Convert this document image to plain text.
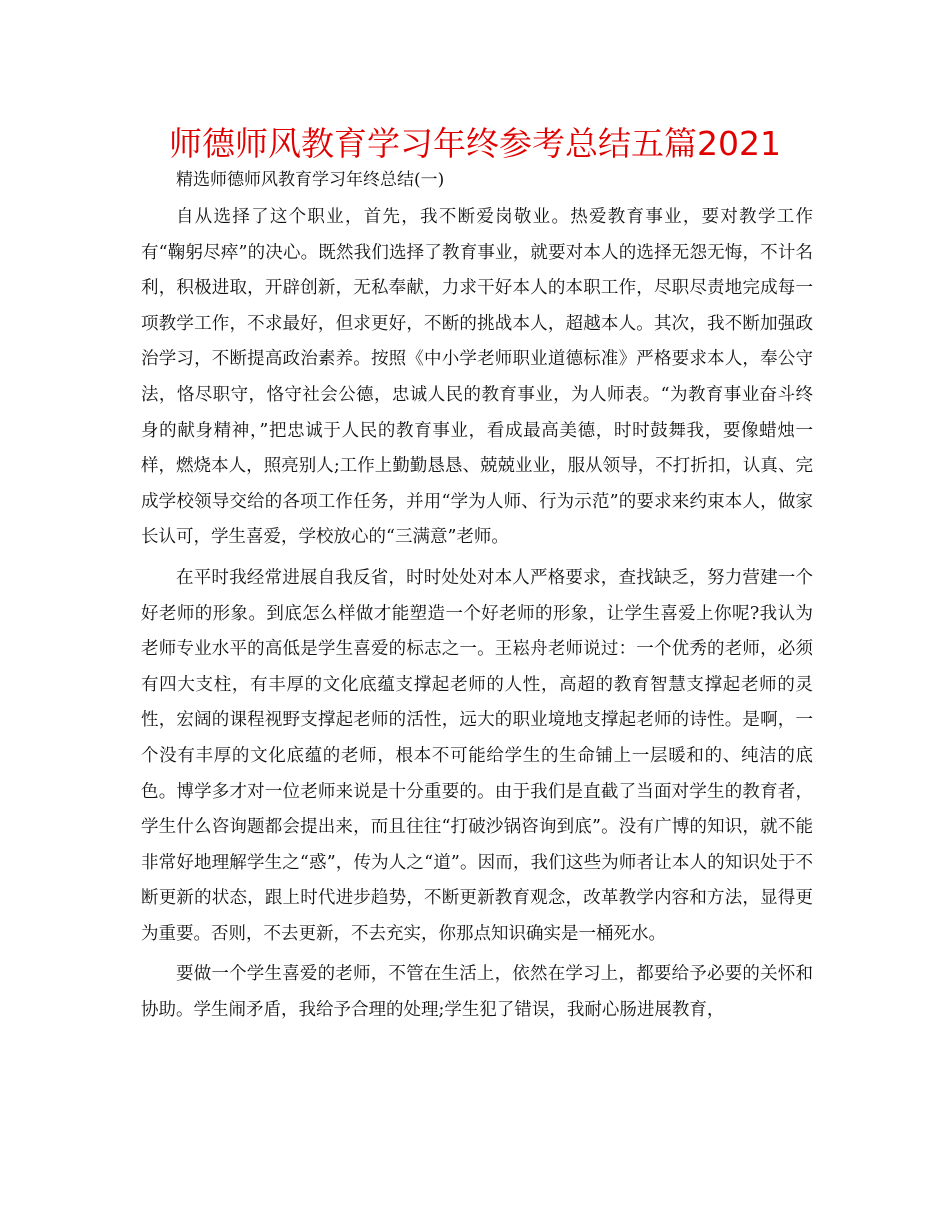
师德师风教育学习年终参考总结五篇2021
精选师德师风教育学习年终总结(一)

自从选择了这个职业，首先，我不断爱岗敬业。热爱教育事业，要对教学工作有“鞠躬尽瘁”的决心。既然我们选择了教育事业，就要对本人的选择无怨无悔，不计名利，积极进取，开辟创新，无私奉献，力求干好本人的本职工作，尽职尽责地完成每一项教学工作，不求最好，但求更好，不断的挑战本人，超越本人。其次，我不断加强政治学习，不断提高政治素养。按照《中小学老师职业道德标准》严格要求本人，奉公守法，恪尽职守，恪守社会公德，忠诚人民的教育事业，为人师表。“为教育事业奋斗终身的献身精神，”把忠诚于人民的教育事业，看成最高美德，时时鼓舞我，要像蜡烛一样，燃烧本人，照亮别人;工作上勤勤恳恳、兢兢业业，服从领导，不打折扣，认真、完成学校领导交给的各项工作任务，并用“学为人师、行为示范”的要求来约束本人，做家长认可，学生喜爱，学校放心的“三满意”老师。

在平时我经常进展自我反省，时时处处对本人严格要求，查找缺乏，努力营建一个好老师的形象。到底怎么样做才能塑造一个好老师的形象，让学生喜爱上你呢?我认为老师专业水平的高低是学生喜爱的标志之一。王崧舟老师说过：一个优秀的老师，必须有四大支柱，有丰厚的文化底蕴支撑起老师的人性，高超的教育智慧支撑起老师的灵性，宏阔的课程视野支撑起老师的活性，远大的职业境地支撑起老师的诗性。是啊，一个没有丰厚的文化底蕴的老师，根本不可能给学生的生命铺上一层暖和的、纯洁的底色。博学多才对一位老师来说是十分重要的。由于我们是直截了当面对学生的教育者，学生什么咨询题都会提出来，而且往往“打破沙锅咨询到底”。没有广博的知识，就不能非常好地理解学生之“惑”，传为人之“道”。因而，我们这些为师者让本人的知识处于不断更新的状态，跟上时代进步趋势，不断更新教育观念，改革教学内容和方法，显得更为重要。否则，不去更新，不去充实，你那点知识确实是一桶死水。

要做一个学生喜爱的老师，不管在生活上，依然在学习上，都要给予必要的关怀和协助。学生闹矛盾，我给予合理的处理;学生犯了错误，我耐心肠进展教育，
